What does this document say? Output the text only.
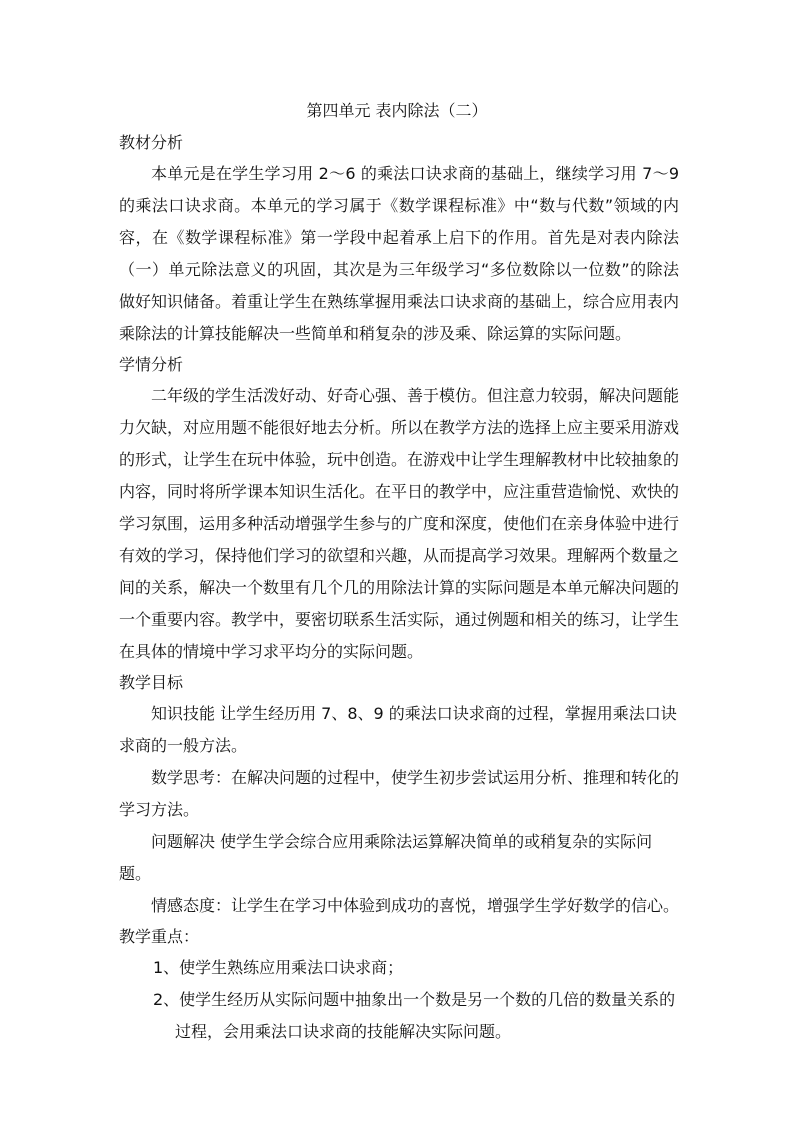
第四单元 表内除法（二）

教材分析

本单元是在学生学习用 2～6 的乘法口诀求商的基础上，继续学习用 7～9 的乘法口诀求商。本单元的学习属于《数学课程标准》中“数与代数”领域的内容，在《数学课程标准》第一学段中起着承上启下的作用。首先是对表内除法（一）单元除法意义的巩固，其次是为三年级学习“多位数除以一位数”的除法做好知识储备。着重让学生在熟练掌握用乘法口诀求商的基础上，综合应用表内乘除法的计算技能解决一些简单和稍复杂的涉及乘、除运算的实际问题。

学情分析

二年级的学生活泼好动、好奇心强、善于模仿。但注意力较弱，解决问题能力欠缺，对应用题不能很好地去分析。所以在教学方法的选择上应主要采用游戏的形式，让学生在玩中体验，玩中创造。在游戏中让学生理解教材中比较抽象的内容，同时将所学课本知识生活化。在平日的教学中，应注重营造愉悦、欢快的学习氛围，运用多种活动增强学生参与的广度和深度，使他们在亲身体验中进行有效的学习，保持他们学习的欲望和兴趣，从而提高学习效果。理解两个数量之间的关系，解决一个数里有几个几的用除法计算的实际问题是本单元解决问题的一个重要内容。教学中，要密切联系生活实际，通过例题和相关的练习，让学生在具体的情境中学习求平均分的实际问题。

教学目标

知识技能 让学生经历用 7、8、9 的乘法口诀求商的过程，掌握用乘法口诀求商的一般方法。

数学思考：在解决问题的过程中，使学生初步尝试运用分析、推理和转化的学习方法。

问题解决 使学生学会综合应用乘除法运算解决简单的或稍复杂的实际问题。

情感态度：让学生在学习中体验到成功的喜悦，增强学生学好数学的信心。

教学重点：

1、使学生熟练应用乘法口诀求商；

2、使学生经历从实际问题中抽象出一个数是另一个数的几倍的数量关系的过程，会用乘法口诀求商的技能解决实际问题。
